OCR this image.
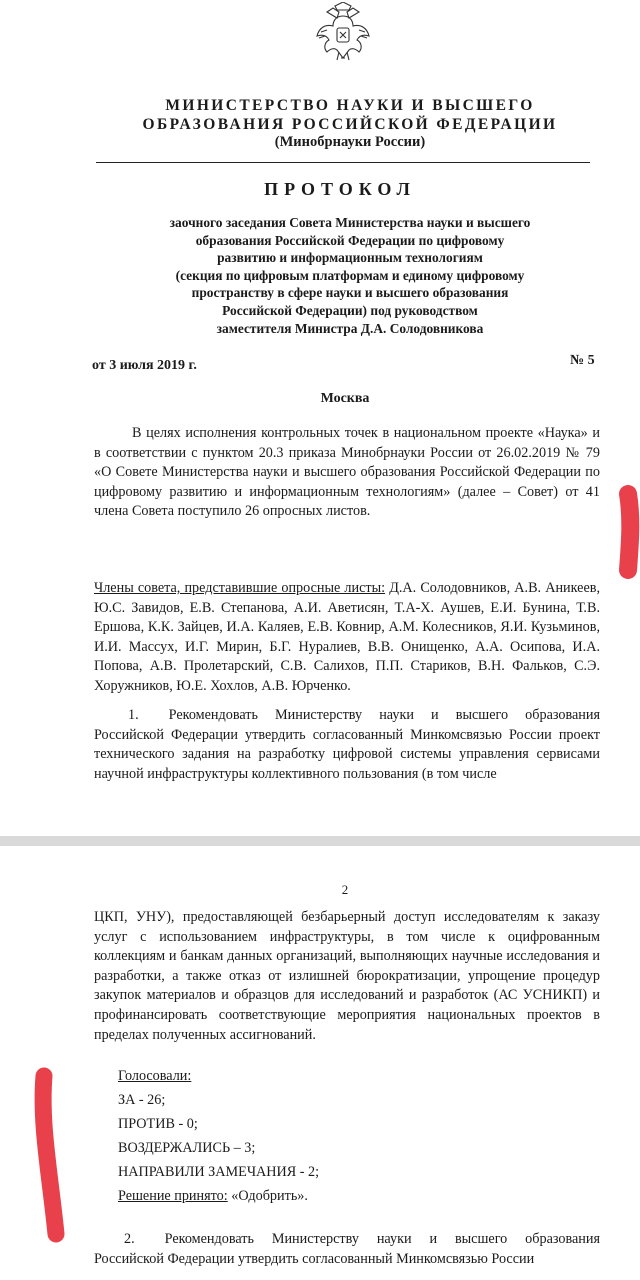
МИНИСТЕРСТВО НАУКИ И ВЫСШЕГО
ОБРАЗОВАНИЯ РОССИЙСКОЙ ФЕДЕРАЦИИ
(Минобрнауки России)
ПРОТОКОЛ
заочного заседания Совета Министерства науки и высшего
образования Российской Федерации по цифровому
развитию и информационным технологиям
(секция по цифровым платформам и единому цифровому
пространству в сфере науки и высшего образования
Российской Федерации) под руководством
заместителя Министра Д.А. Солодовникова
от 3 июля 2019 г.	№ 5
Москва
В целях исполнения контрольных точек в национальном проекте «Наука» и в соответствии с пунктом 20.3 приказа Минобрнауки России от 26.02.2019 № 79 «О Совете Министерства науки и высшего образования Российской Федерации по цифровому развитию и информационным технологиям» (далее – Совет) от 41 члена Совета поступило 26 опросных листов.
Члены совета, представившие опросные листы: Д.А. Солодовников, А.В. Аникеев, Ю.С. Завидов, Е.В. Степанова, А.И. Аветисян, Т.А-Х. Аушев, Е.И. Бунина, Т.В. Ершова, К.К. Зайцев, И.А. Каляев, Е.В. Ковнир, А.М. Колесников, Я.И. Кузьминов, И.И. Массух, И.Г. Мирин, Б.Г. Нуралиев, В.В. Онищенко, А.А. Осипова, И.А. Попова, А.В. Пролетарский, С.В. Салихов, П.П. Стариков, В.Н. Фальков, С.Э. Хоружников, Ю.Е. Хохлов, А.В. Юрченко.
1. Рекомендовать Министерству науки и высшего образования Российской Федерации утвердить согласованный Минкомсвязью России проект технического задания на разработку цифровой системы управления сервисами научной инфраструктуры коллективного пользования (в том числе
2
ЦКП, УНУ), предоставляющей безбарьерный доступ исследователям к заказу услуг с использованием инфраструктуры, в том числе к оцифрованным коллекциям и банкам данных организаций, выполняющих научные исследования и разработки, а также отказ от излишней бюрократизации, упрощение процедур закупок материалов и образцов для исследований и разработок (АС УСНИКП) и профинансировать соответствующие мероприятия национальных проектов в пределах полученных ассигнований.
Голосовали:
ЗА - 26;
ПРОТИВ - 0;
ВОЗДЕРЖАЛИСЬ – 3;
НАПРАВИЛИ ЗАМЕЧАНИЯ - 2;
Решение принято: «Одобрить».
2. Рекомендовать Министерству науки и высшего образования Российской Федерации утвердить согласованный Минкомсвязью России
